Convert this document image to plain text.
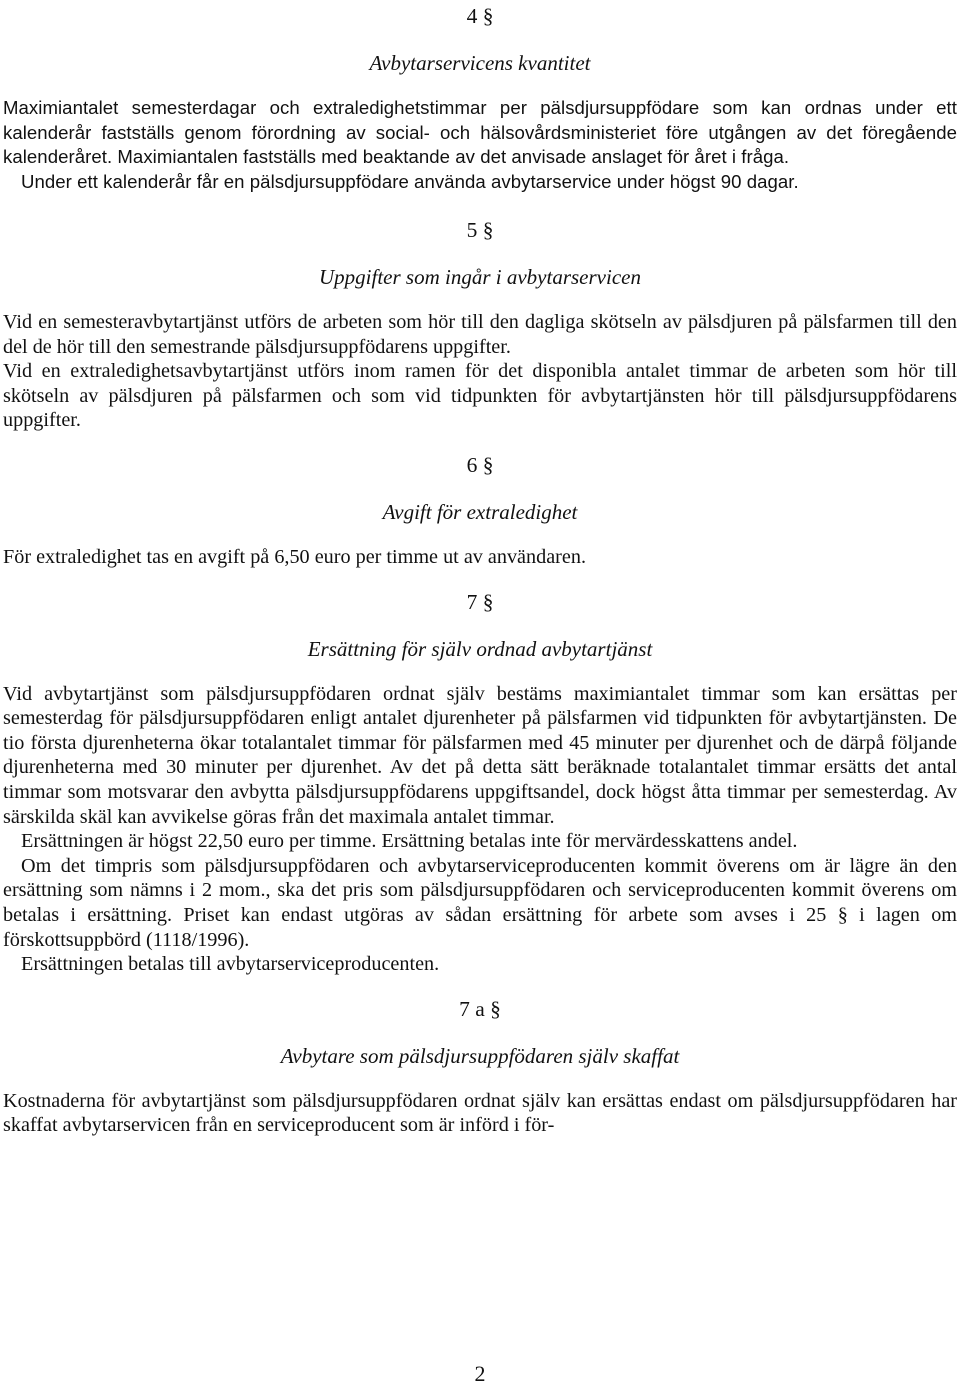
4 §
Avbytarservicens kvantitet

Maximiantalet semesterdagar och extraledighetstimmar per pälsdjursuppfödare som kan ordnas under ett kalenderår fastställs genom förordning av social- och hälsovårdsministeriet före utgången av det föregående kalenderåret. Maximiantalen fastställs med beaktande av det anvisade anslaget för året i fråga.

Under ett kalenderår får en pälsdjursuppfödare använda avbytarservice under högst 90 dagar.

5 §
Uppgifter som ingår i avbytarservicen

Vid en semesteravbytartjänst utförs de arbeten som hör till den dagliga skötseln av pälsdjuren på pälsfarmen till den del de hör till den semestrande pälsdjursuppfödarens uppgifter.

Vid en extraledighetsavbytartjänst utförs inom ramen för det disponibla antalet timmar de arbeten som hör till skötseln av pälsdjuren på pälsfarmen och som vid tidpunkten för avbytartjänsten hör till pälsdjursuppfödarens uppgifter.

6 §
Avgift för extraledighet

För extraledighet tas en avgift på 6,50 euro per timme ut av användaren.

7 §
Ersättning för själv ordnad avbytartjänst

Vid avbytartjänst som pälsdjursuppfödaren ordnat själv bestäms maximiantalet timmar som kan ersättas per semesterdag för pälsdjursuppfödaren enligt antalet djurenheter på pälsfarmen vid tidpunkten för avbytartjänsten. De tio första djurenheterna ökar totalantalet timmar för pälsfarmen med 45 minuter per djurenhet och de därpå följande djurenheterna med 30 minuter per djurenhet. Av det på detta sätt beräknade totalantalet timmar ersätts det antal timmar som motsvarar den avbytta pälsdjursuppfödarens uppgiftsandel, dock högst åtta timmar per semesterdag. Av särskilda skäl kan avvikelse göras från det maximala antalet timmar.

Ersättningen är högst 22,50 euro per timme. Ersättning betalas inte för mervärdesskattens andel.

Om det timpris som pälsdjursuppfödaren och avbytarserviceproducenten kommit överens om är lägre än den ersättning som nämns i 2 mom., ska det pris som pälsdjursuppfödaren och serviceproducenten kommit överens om betalas i ersättning. Priset kan endast utgöras av sådan ersättning för arbete som avses i 25 § i lagen om förskottsuppbörd (1118/1996).

Ersättningen betalas till avbytarserviceproducenten.

7 a §
Avbytare som pälsdjursuppfödaren själv skaffat

Kostnaderna för avbytartjänst som pälsdjursuppfödaren ordnat själv kan ersättas endast om pälsdjursuppfödaren har skaffat avbytarservicen från en serviceproducent som är införd i för-

2
